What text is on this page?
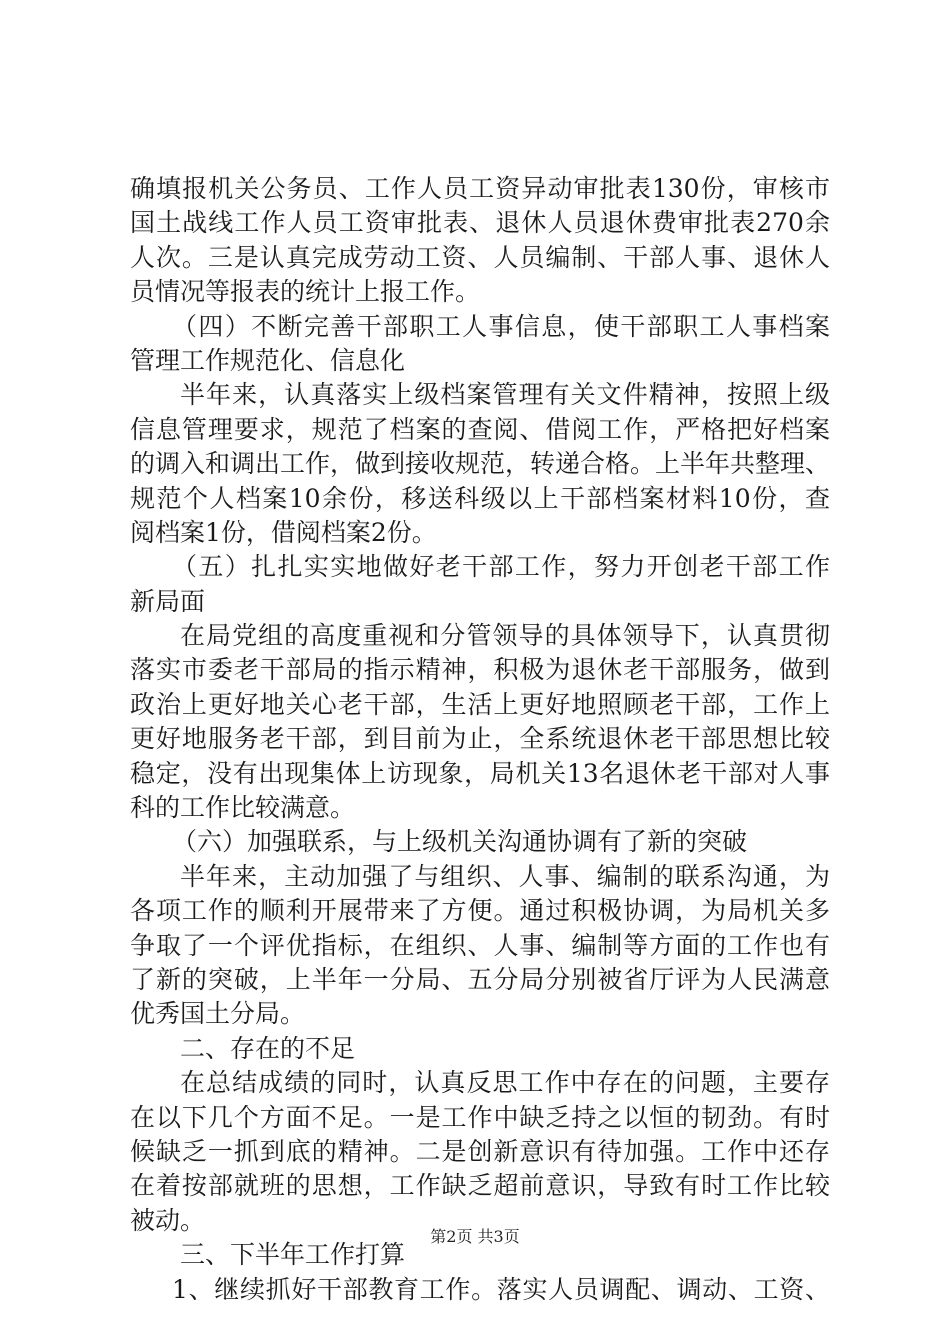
确填报机关公务员、工作人员工资异动审批表130份，审核市
国土战线工作人员工资审批表、退休人员退休费审批表270余
人次。三是认真完成劳动工资、人员编制、干部人事、退休人
员情况等报表的统计上报工作。
（四）不断完善干部职工人事信息，使干部职工人事档案
管理工作规范化、信息化
半年来，认真落实上级档案管理有关文件精神，按照上级
信息管理要求，规范了档案的查阅、借阅工作，严格把好档案
的调入和调出工作，做到接收规范，转递合格。上半年共整理、
规范个人档案10余份，移送科级以上干部档案材料10份，查
阅档案1份，借阅档案2份。
（五）扎扎实实地做好老干部工作，努力开创老干部工作
新局面
在局党组的高度重视和分管领导的具体领导下，认真贯彻
落实市委老干部局的指示精神，积极为退休老干部服务，做到
政治上更好地关心老干部，生活上更好地照顾老干部，工作上
更好地服务老干部，到目前为止，全系统退休老干部思想比较
稳定，没有出现集体上访现象，局机关13名退休老干部对人事
科的工作比较满意。
（六）加强联系，与上级机关沟通协调有了新的突破
半年来，主动加强了与组织、人事、编制的联系沟通，为
各项工作的顺利开展带来了方便。通过积极协调，为局机关多
争取了一个评优指标，在组织、人事、编制等方面的工作也有
了新的突破，上半年一分局、五分局分别被省厅评为人民满意
优秀国土分局。
二、存在的不足
在总结成绩的同时，认真反思工作中存在的问题，主要存
在以下几个方面不足。一是工作中缺乏持之以恒的韧劲。有时
候缺乏一抓到底的精神。二是创新意识有待加强。工作中还存
在着按部就班的思想，工作缺乏超前意识，导致有时工作比较
被动。
三、下半年工作打算
1、继续抓好干部教育工作。落实人员调配、调动、工资、
第2页 共3页
